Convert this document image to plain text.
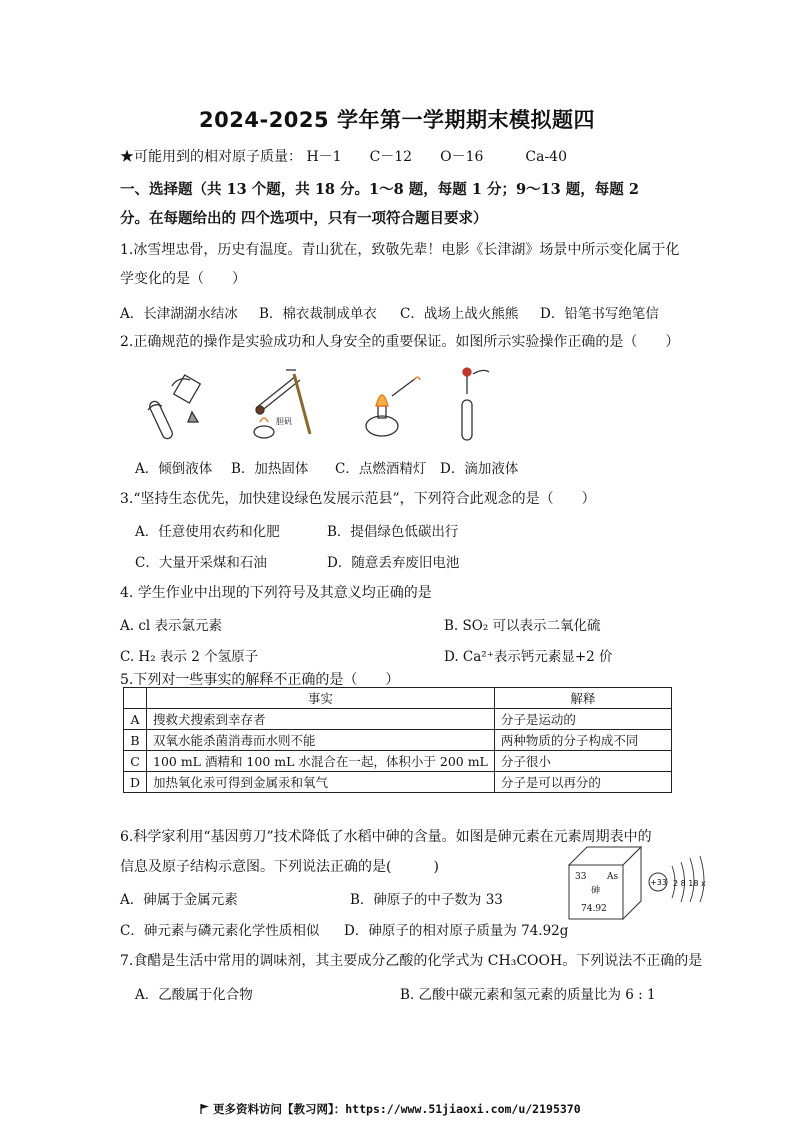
2024-2025 学年第一学期期末模拟题四
★可能用到的相对原子质量： H－1　　C－12　　O－16　　　Ca-40
一、选择题（共 13 个题，共 18 分。1～8 题，每题 1 分；9～13 题，每题 2
分。在每题给出的 四个选项中，只有一项符合题目要求）
1.冰雪埋忠骨，历史有温度。青山犹在，致敬先辈！电影《长津湖》场景中所示变化属于化
学变化的是（　　）
A．长津湖湖水结冰 B．棉衣裁制成单衣 C．战场上战火熊熊 D．铅笔书写绝笔信
2.正确规范的操作是实验成功和人身安全的重要保证。如图所示实验操作正确的是（　　）
胆矾
A．倾倒液体 B．加热固体 C．点燃酒精灯 D．滴加液体
3.“坚持生态优先，加快建设绿色发展示范县”，下列符合此观念的是（　　）
A．任意使用农药和化肥	B．提倡绿色低碳出行
C．大量开采煤和石油	D．随意丢弃废旧电池
4. 学生作业中出现的下列符号及其意义均正确的是
A. cl 表示氯元素	B. SO₂ 可以表示二氧化硫
C. H₂ 表示 2 个氢原子	D. Ca²⁺表示钙元素显+2 价
5.下列对一些事实的解释不正确的是（　　）
	事实	解释
A	搜救犬搜索到幸存者	分子是运动的
B	双氧水能杀菌消毒而水则不能	两种物质的分子构成不同
C	100 mL 酒精和 100 mL 水混合在一起，体积小于 200 mL	分子很小
D	加热氧化汞可得到金属汞和氧气	分子是可以再分的
6.科学家利用“基因剪刀”技术降低了水稻中砷的含量。如图是砷元素在元素周期表中的
信息及原子结构示意图。下列说法正确的是(　　　)
A．砷属于金属元素	B．砷原子的中子数为 33
C．砷元素与磷元素化学性质相似 D．砷原子的相对原子质量为 74.92g
33 As
砷
74.92
+33 2 8 18 x
7.食醋是生活中常用的调味剂，其主要成分乙酸的化学式为 CH₃COOH。下列说法不正确的是
A．乙酸属于化合物	B. 乙酸中碳元素和氢元素的质量比为 6 : 1
更多资料访问【教习网】：https://www.51jiaoxi.com/u/2195370
